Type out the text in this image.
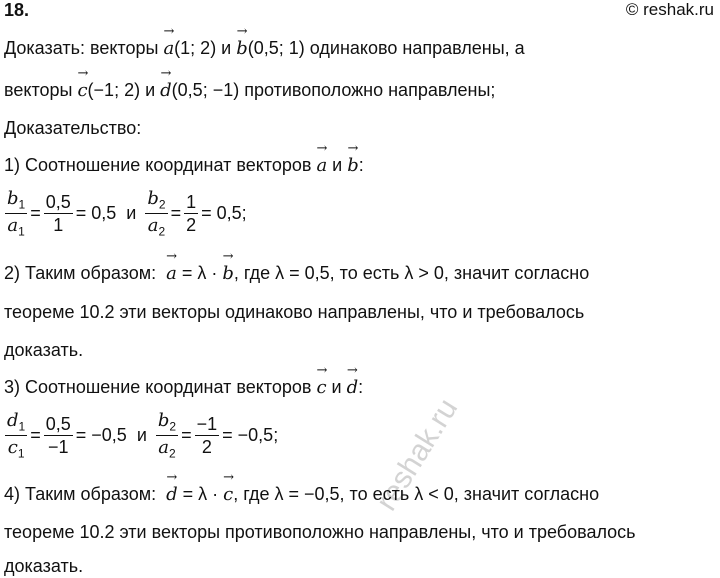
18.	© reshak.ru
reshak.ru
Доказать: векторы → a(1; 2) и → b(0,5; 1) одинаково направлены, а
векторы → c(−1; 2) и → d(0,5; −1) противоположно направлены;
Доказательство:
1) Соотношение координат векторов → a и → b:
$\frac{b_1}{a_1} = \frac{0,5}{1} = 0,5$  и $\frac{b_2}{a_2} = \frac{1}{2} = 0,5$;
2) Таким образом:  → a = λ · → b, где λ = 0,5, то есть λ > 0, значит согласно
теореме 10.2 эти векторы одинаково направлены, что и требовалось
доказать.
3) Соотношение координат векторов → c и → d:
$\frac{d_1}{c_1} = \frac{0,5}{-1} = -0,5$  и $\frac{b_2}{a_2} = \frac{-1}{2} = -0,5$;
4) Таким образом:  → d = λ · → c, где λ = −0,5, то есть λ < 0, значит согласно
теореме 10.2 эти векторы противоположно направлены, что и требовалось
доказать.
